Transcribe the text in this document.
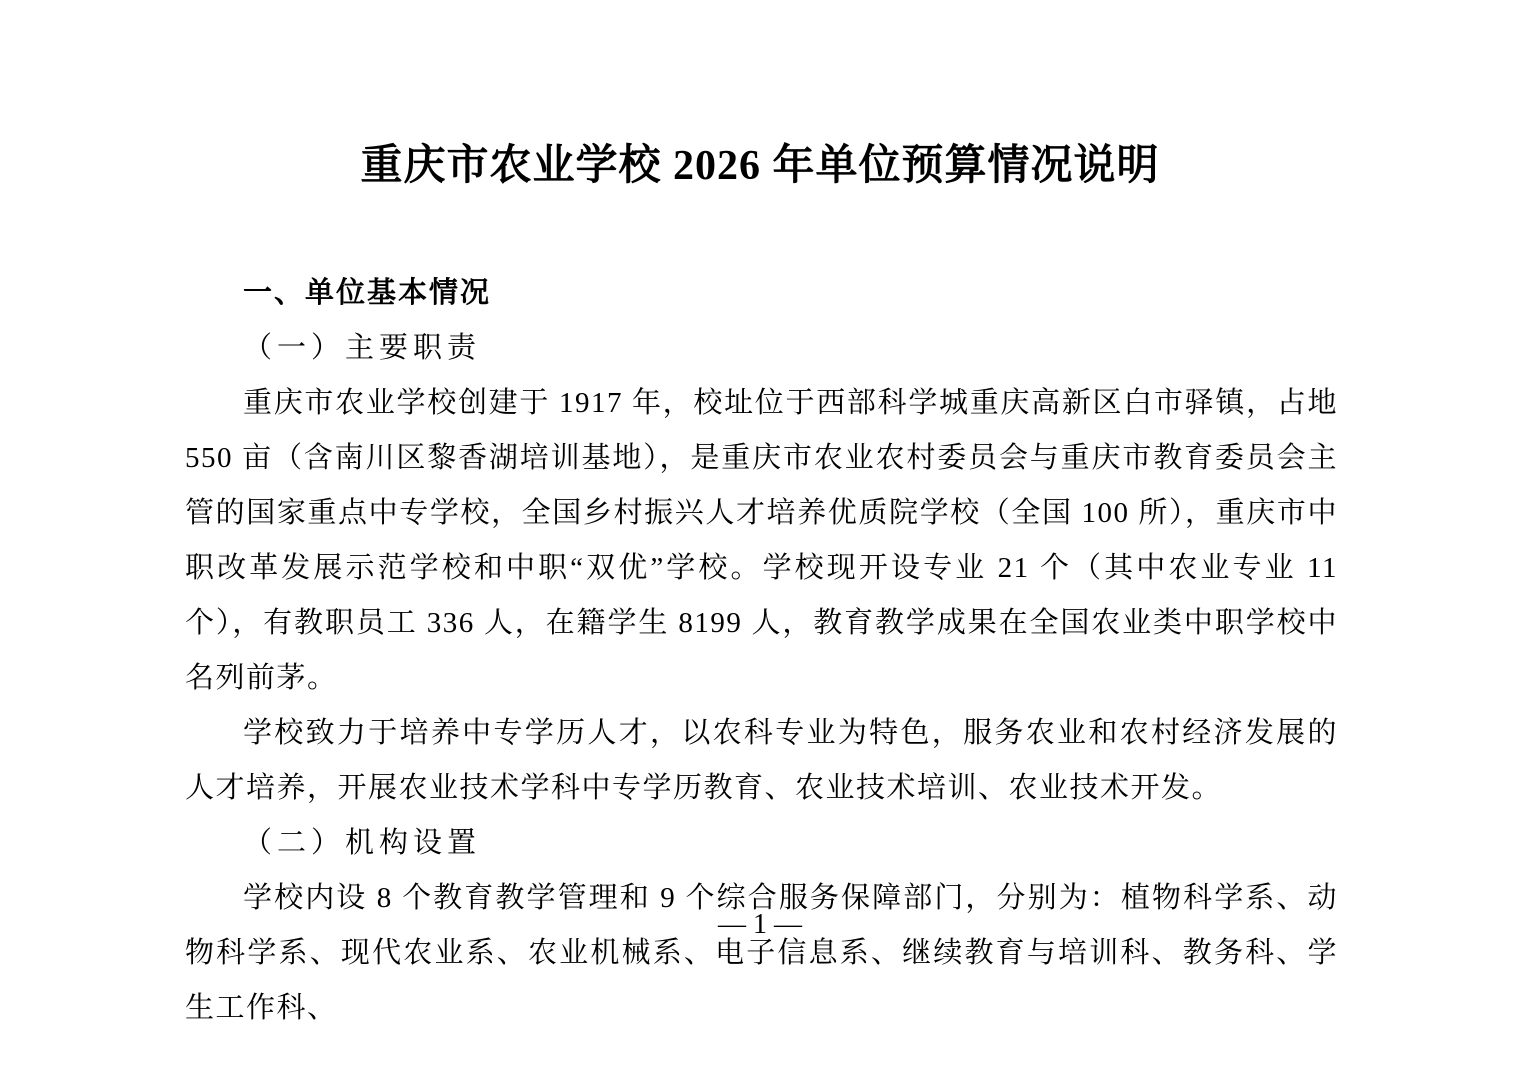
重庆市农业学校 2026 年单位预算情况说明
一、单位基本情况
（一）主要职责

重庆市农业学校创建于 1917 年，校址位于西部科学城重庆高新区白市驿镇，占地 550 亩（含南川区黎香湖培训基地），是重庆市农业农村委员会与重庆市教育委员会主管的国家重点中专学校，全国乡村振兴人才培养优质院学校（全国 100 所），重庆市中职改革发展示范学校和中职“双优”学校。学校现开设专业 21 个（其中农业专业 11 个），有教职员工 336 人，在籍学生 8199 人，教育教学成果在全国农业类中职学校中名列前茅。

学校致力于培养中专学历人才，以农科专业为特色，服务农业和农村经济发展的人才培养，开展农业技术学科中专学历教育、农业技术培训、农业技术开发。

（二）机构设置

学校内设 8 个教育教学管理和 9 个综合服务保障部门，分别为：植物科学系、动物科学系、现代农业系、农业机械系、电子信息系、继续教育与培训科、教务科、学生工作科、

— 1 —
